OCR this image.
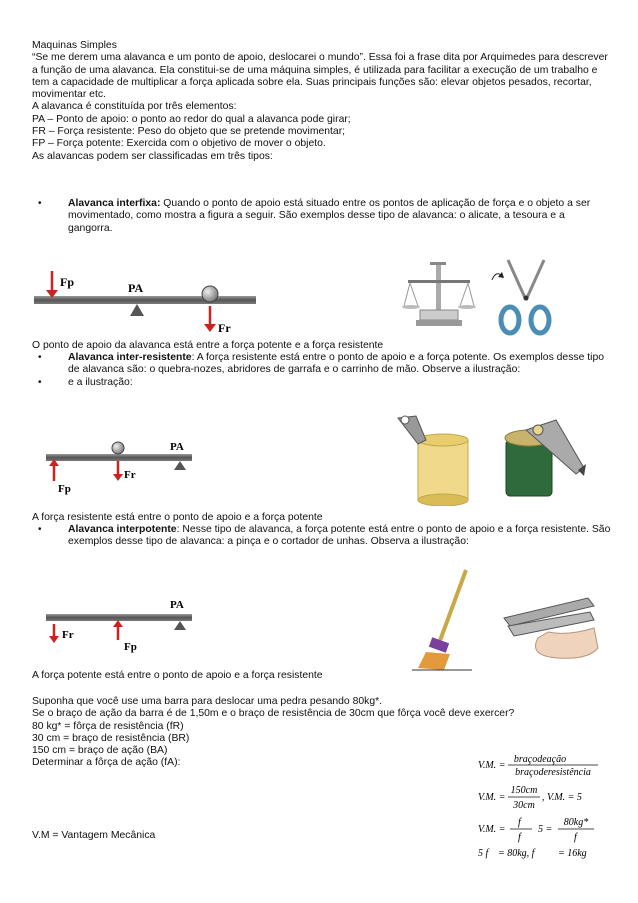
Maquinas Simples

“Se me derem uma alavanca e um ponto de apoio, deslocarei o mundo”. Essa foi a frase dita por Arquimedes para descrever a função de uma alavanca. Ela constitui-se de uma máquina simples, é utilizada para facilitar a execução de um trabalho e tem a capacidade de multiplicar a força aplicada sobre ela. Suas principais funções são: elevar objetos pesados, recortar, movimentar etc.

A alavanca é constituída por três elementos:

PA – Ponto de apoio: o ponto ao redor do qual a alavanca pode girar;

FR – Força resistente: Peso do objeto que se pretende movimentar;

FP – Força potente: Exercida com o objetivo de mover o objeto.

As alavancas podem ser classificadas em três tipos:

• Alavanca interfixa: Quando o ponto de apoio está situado entre os pontos de aplicação de força e o objeto a ser movimentado, como mostra a figura a seguir. São exemplos desse tipo de alavanca: o alicate, a tesoura e a gangorra.
Fp	PA
Fr
O ponto de apoio da alavanca está entre a força potente e a força resistente
• Alavanca inter-resistente: A força resistente está entre o ponto de apoio e a força potente. Os exemplos desse tipo de alavanca são: o quebra-nozes, abridores de garrafa e o carrinho de mão. Observe a ilustração:
• e a ilustração:
PA
Fr
Fp
A força resistente está entre o ponto de apoio e a força potente
• Alavanca interpotente: Nesse tipo de alavanca, a força potente está entre o ponto de apoio e a força resistente. São exemplos desse tipo de alavanca: a pinça e o cortador de unhas. Observa a ilustração:
PA
Fr
Fp
A força potente está entre o ponto de apoio e a força resistente

Suponha que você use uma barra para deslocar uma pedra pesando 80kg*.

Se o braço de ação da barra é de 1,50m e o braço de resistência de 30cm que fôrça você deve exercer?

80 kg* = fôrça de resistência (fR)

30 cm = braço de resistência (BR)

150 cm = braço de ação (BA)

Determinar a fôrça de ação (fA):

V.M = Vantagem Mecânica
V.M. =
braçodeação
braçoderesistência
V.M. =
150cm
30cm
, V.M. = 5
V.M. =
f
f
5 =
80kg*
f
5 f = 80kg, f = 16kg
